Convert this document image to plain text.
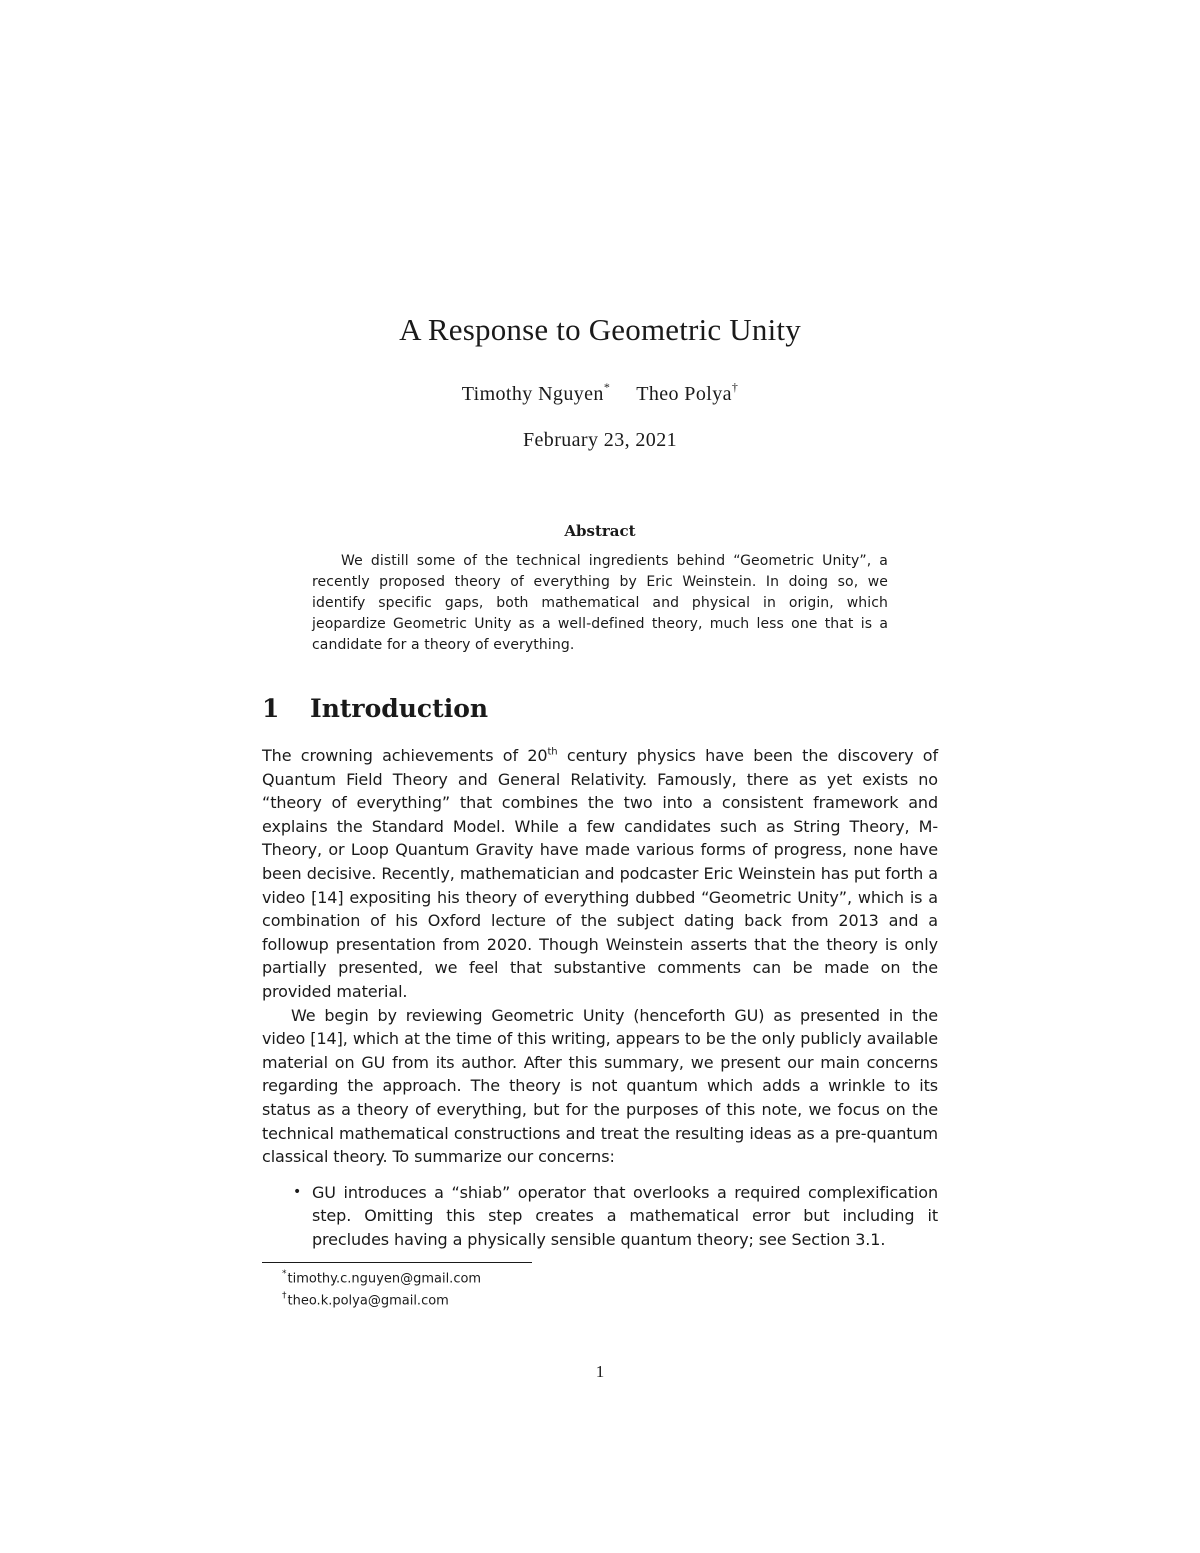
A Response to Geometric Unity
Timothy Nguyen* Theo Polya†
February 23, 2021
Abstract
We distill some of the technical ingredients behind “Geometric Unity”, a recently proposed theory of everything by Eric Weinstein. In doing so, we identify specific gaps, both mathematical and physical in origin, which jeopardize Geometric Unity as a well-defined theory, much less one that is a candidate for a theory of everything.
1 Introduction

The crowning achievements of 20th century physics have been the discovery of Quantum Field Theory and General Relativity. Famously, there as yet exists no “theory of everything” that combines the two into a consistent framework and explains the Standard Model. While a few candidates such as String Theory, M-Theory, or Loop Quantum Gravity have made various forms of progress, none have been decisive. Recently, mathematician and podcaster Eric Weinstein has put forth a video [14] expositing his theory of everything dubbed “Geometric Unity”, which is a combination of his Oxford lecture of the subject dating back from 2013 and a followup presentation from 2020. Though Weinstein asserts that the theory is only partially presented, we feel that substantive comments can be made on the provided material.

We begin by reviewing Geometric Unity (henceforth GU) as presented in the video [14], which at the time of this writing, appears to be the only publicly available material on GU from its author. After this summary, we present our main concerns regarding the approach. The theory is not quantum which adds a wrinkle to its status as a theory of everything, but for the purposes of this note, we focus on the technical mathematical constructions and treat the resulting ideas as a pre-quantum classical theory. To summarize our concerns:

• GU introduces a “shiab” operator that overlooks a required complexification step. Omitting this step creates a mathematical error but including it precludes having a physically sensible quantum theory; see Section 3.1.
*timothy.c.nguyen@gmail.com
†theo.k.polya@gmail.com
1
